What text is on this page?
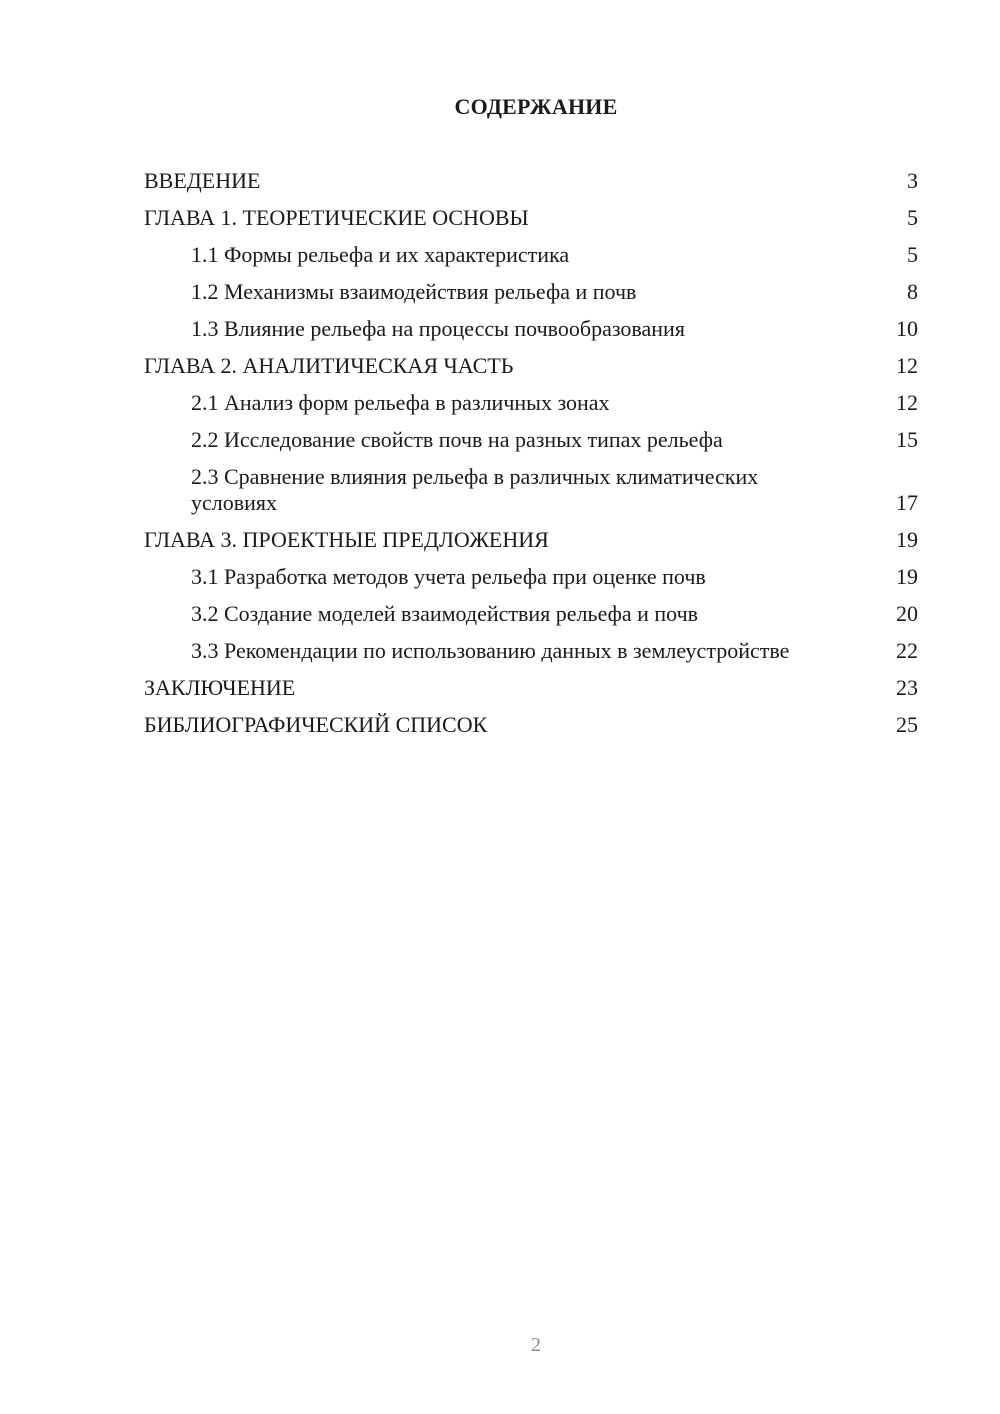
СОДЕРЖАНИЕ
ВВЕДЕНИЕ	3
ГЛАВА 1. ТЕОРЕТИЧЕСКИЕ ОСНОВЫ	5
1.1 Формы рельефа и их характеристика	5
1.2 Механизмы взаимодействия рельефа и почв	8
1.3 Влияние рельефа на процессы почвообразования	10
ГЛАВА 2. АНАЛИТИЧЕСКАЯ ЧАСТЬ	12
2.1 Анализ форм рельефа в различных зонах	12
2.2 Исследование свойств почв на разных типах рельефа	15
2.3 Сравнение влияния рельефа в различных климатических условиях	17
ГЛАВА 3. ПРОЕКТНЫЕ ПРЕДЛОЖЕНИЯ	19
3.1 Разработка методов учета рельефа при оценке почв	19
3.2 Создание моделей взаимодействия рельефа и почв	20
3.3 Рекомендации по использованию данных в землеустройстве	22
ЗАКЛЮЧЕНИЕ	23
БИБЛИОГРАФИЧЕСКИЙ СПИСОК	25
2
